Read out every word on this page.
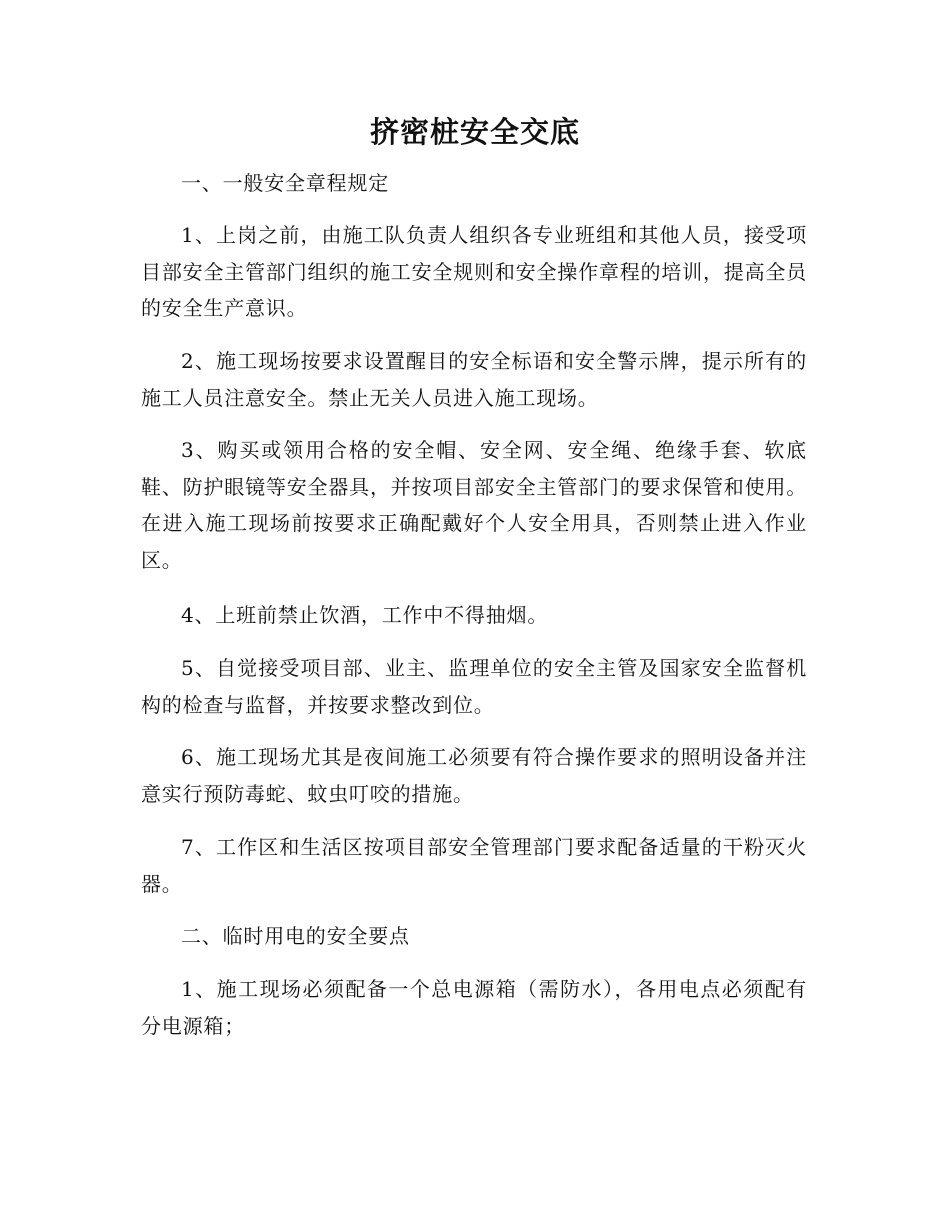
挤密桩安全交底

一、一般安全章程规定

1、上岗之前，由施工队负责人组织各专业班组和其他人员，接受项目部安全主管部门组织的施工安全规则和安全操作章程的培训，提高全员的安全生产意识。

2、施工现场按要求设置醒目的安全标语和安全警示牌，提示所有的施工人员注意安全。禁止无关人员进入施工现场。

3、购买或领用合格的安全帽、安全网、安全绳、绝缘手套、软底鞋、防护眼镜等安全器具，并按项目部安全主管部门的要求保管和使用。在进入施工现场前按要求正确配戴好个人安全用具，否则禁止进入作业区。

4、上班前禁止饮酒，工作中不得抽烟。

5、自觉接受项目部、业主、监理单位的安全主管及国家安全监督机构的检查与监督，并按要求整改到位。

6、施工现场尤其是夜间施工必须要有符合操作要求的照明设备并注意实行预防毒蛇、蚊虫叮咬的措施。

7、工作区和生活区按项目部安全管理部门要求配备适量的干粉灭火器。

二、临时用电的安全要点

1、施工现场必须配备一个总电源箱（需防水），各用电点必须配有分电源箱；
